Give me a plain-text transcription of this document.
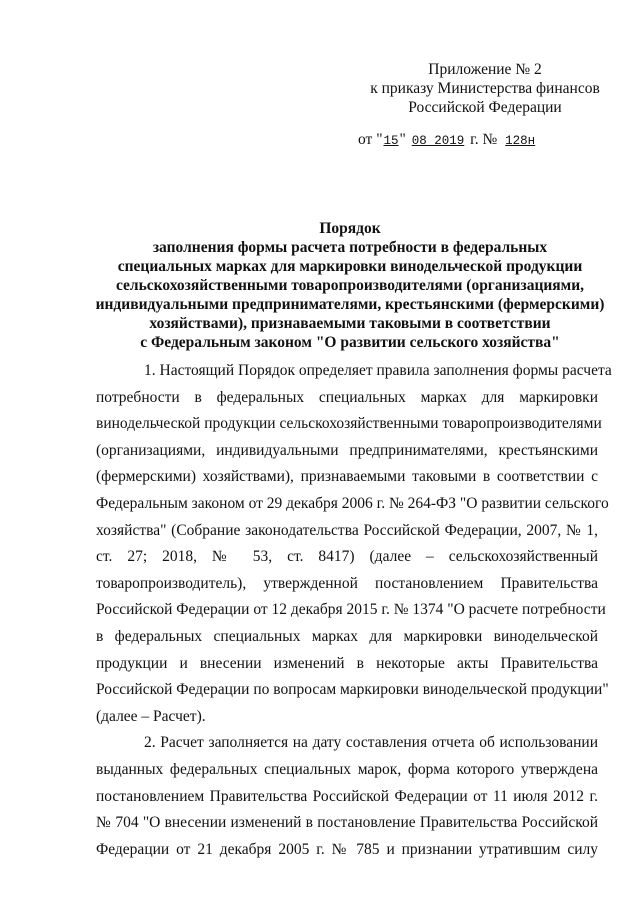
Приложение № 2
к приказу Министерства финансов
Российской Федерации
от "15" 08 2019 г. № 128н
Порядок
заполнения формы расчета потребности в федеральных
специальных марках для маркировки винодельческой продукции
сельскохозяйственными товаропроизводителями (организациями,
индивидуальными предпринимателями, крестьянскими (фермерскими)
хозяйствами), признаваемыми таковыми в соответствии
с Федеральным законом "О развитии сельского хозяйства"
1. Настоящий Порядок определяет правила заполнения формы расчета
потребности в федеральных специальных марках для маркировки
винодельческой продукции сельскохозяйственными товаропроизводителями
(организациями, индивидуальными предпринимателями, крестьянскими
(фермерскими) хозяйствами), признаваемыми таковыми в соответствии с
Федеральным законом от 29 декабря 2006 г. № 264-ФЗ "О развитии сельского
хозяйства" (Собрание законодательства Российской Федерации, 2007, № 1,
ст. 27; 2018, № 53, ст. 8417) (далее – сельскохозяйственный
товаропроизводитель), утвержденной постановлением Правительства
Российской Федерации от 12 декабря 2015 г. № 1374 "О расчете потребности
в федеральных специальных марках для маркировки винодельческой
продукции и внесении изменений в некоторые акты Правительства
Российской Федерации по вопросам маркировки винодельческой продукции"
(далее – Расчет).
2. Расчет заполняется на дату составления отчета об использовании
выданных федеральных специальных марок, форма которого утверждена
постановлением Правительства Российской Федерации от 11 июля 2012 г.
№ 704 "О внесении изменений в постановление Правительства Российской
Федерации от 21 декабря 2005 г. № 785 и признании утратившим силу
